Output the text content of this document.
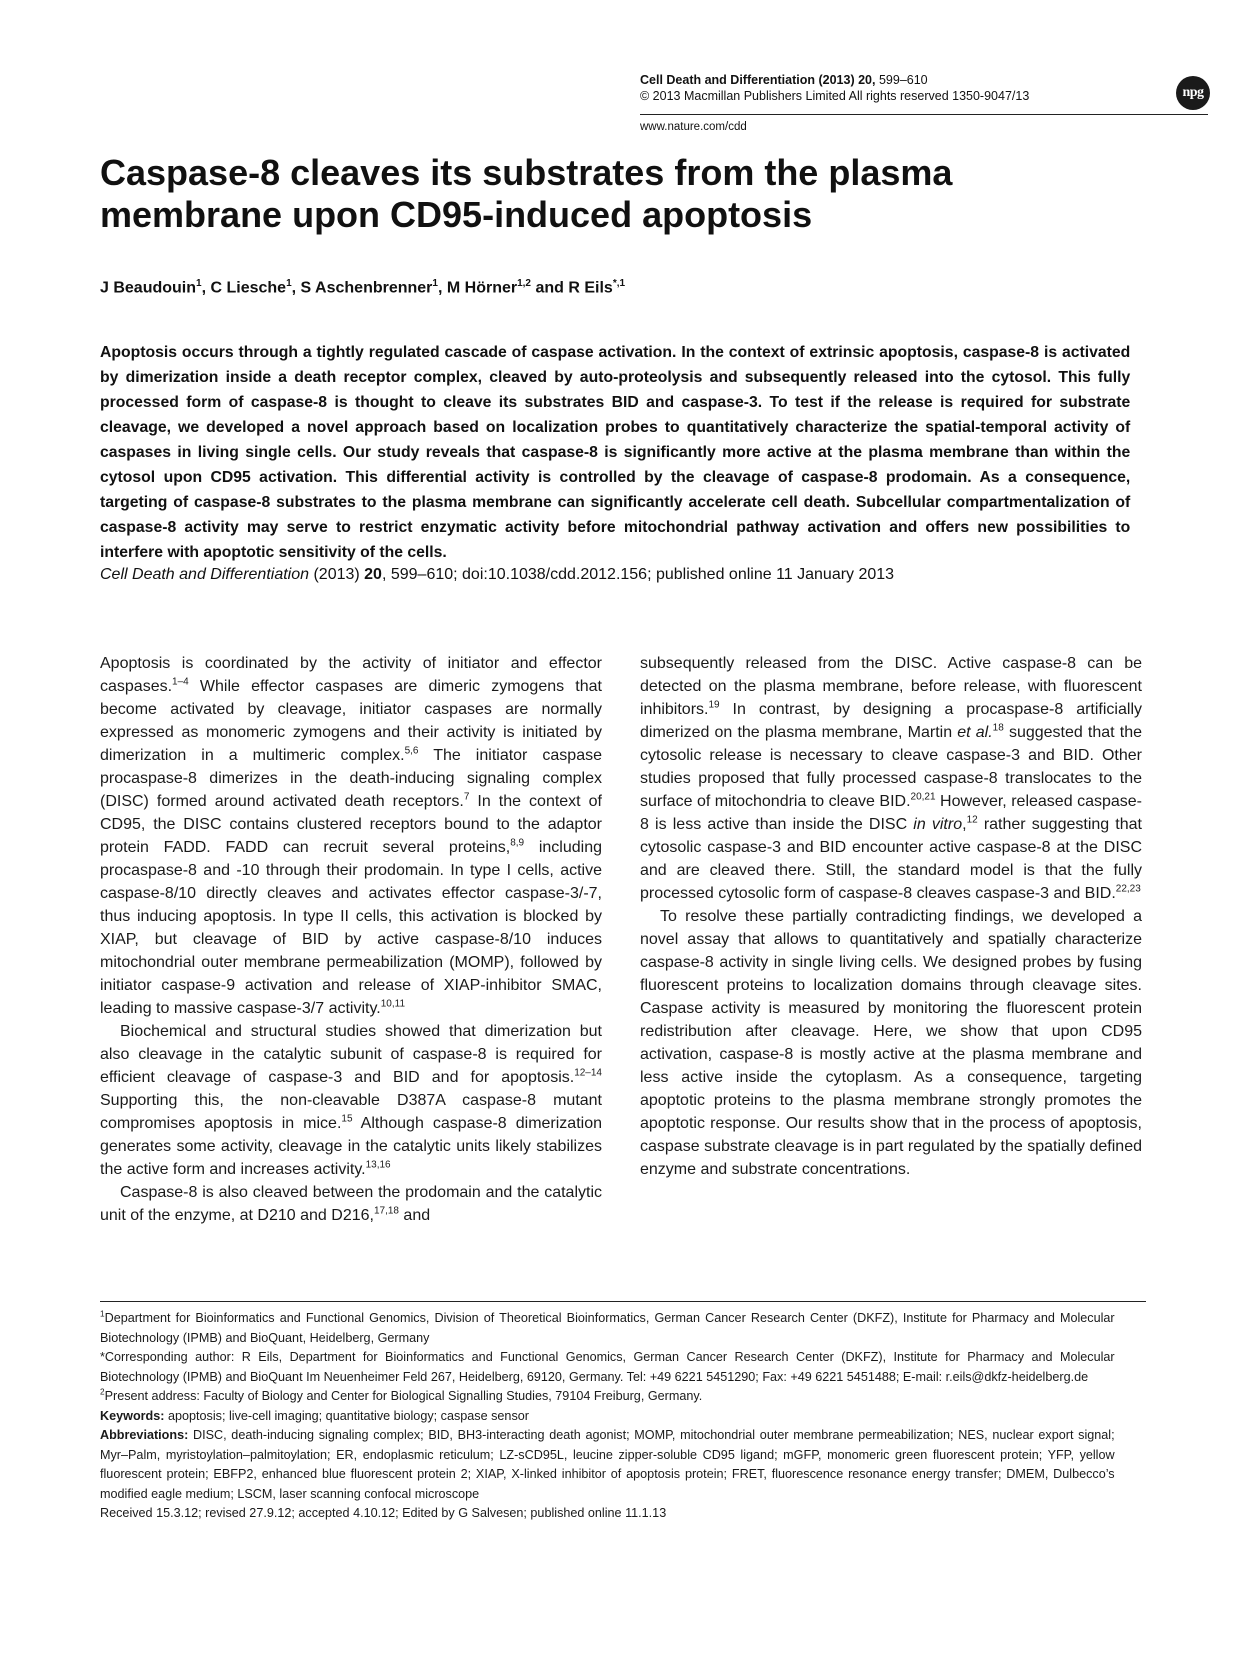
Cell Death and Differentiation (2013) 20, 599–610
© 2013 Macmillan Publishers Limited All rights reserved 1350-9047/13
www.nature.com/cdd
npg
Caspase-8 cleaves its substrates from the plasma membrane upon CD95-induced apoptosis
J Beaudouin$^1$, C Liesche$^1$, S Aschenbrenner$^1$, M Hörner$^{1,2}$ and R Eils$^{*,1}$
Apoptosis occurs through a tightly regulated cascade of caspase activation. In the context of extrinsic apoptosis, caspase-8 is activated by dimerization inside a death receptor complex, cleaved by auto-proteolysis and subsequently released into the cytosol. This fully processed form of caspase-8 is thought to cleave its substrates BID and caspase-3. To test if the release is required for substrate cleavage, we developed a novel approach based on localization probes to quantitatively characterize the spatial-temporal activity of caspases in living single cells. Our study reveals that caspase-8 is significantly more active at the plasma membrane than within the cytosol upon CD95 activation. This differential activity is controlled by the cleavage of caspase-8 prodomain. As a consequence, targeting of caspase-8 substrates to the plasma membrane can significantly accelerate cell death. Subcellular compartmentalization of caspase-8 activity may serve to restrict enzymatic activity before mitochondrial pathway activation and offers new possibilities to interfere with apoptotic sensitivity of the cells.
Cell Death and Differentiation (2013) 20, 599–610; doi:10.1038/cdd.2012.156; published online 11 January 2013

Apoptosis is coordinated by the activity of initiator and effector caspases.$^{1-4}$ While effector caspases are dimeric zymogens that become activated by cleavage, initiator caspases are normally expressed as monomeric zymogens and their activity is initiated by dimerization in a multimeric complex.$^{5,6}$ The initiator caspase procaspase-8 dimerizes in the death-inducing signaling complex (DISC) formed around activated death receptors.$^7$ In the context of CD95, the DISC contains clustered receptors bound to the adaptor protein FADD. FADD can recruit several proteins,$^{8,9}$ including procaspase-8 and -10 through their prodomain. In type I cells, active caspase-8/10 directly cleaves and activates effector caspase-3/-7, thus inducing apoptosis. In type II cells, this activation is blocked by XIAP, but cleavage of BID by active caspase-8/10 induces mitochondrial outer membrane permeabilization (MOMP), followed by initiator caspase-9 activation and release of XIAP-inhibitor SMAC, leading to massive caspase-3/7 activity.$^{10,11}$

Biochemical and structural studies showed that dimerization but also cleavage in the catalytic subunit of caspase-8 is required for efficient cleavage of caspase-3 and BID and for apoptosis.$^{12-14}$ Supporting this, the non-cleavable D387A caspase-8 mutant compromises apoptosis in mice.$^{15}$ Although caspase-8 dimerization generates some activity, cleavage in the catalytic units likely stabilizes the active form and increases activity.$^{13,16}$

Caspase-8 is also cleaved between the prodomain and the catalytic unit of the enzyme, at D210 and D216,$^{17,18}$ and

subsequently released from the DISC. Active caspase-8 can be detected on the plasma membrane, before release, with fluorescent inhibitors.$^{19}$ In contrast, by designing a procaspase-8 artificially dimerized on the plasma membrane, Martin et al.$^{18}$ suggested that the cytosolic release is necessary to cleave caspase-3 and BID. Other studies proposed that fully processed caspase-8 translocates to the surface of mitochondria to cleave BID.$^{20,21}$ However, released caspase-8 is less active than inside the DISC in vitro,$^{12}$ rather suggesting that cytosolic caspase-3 and BID encounter active caspase-8 at the DISC and are cleaved there. Still, the standard model is that the fully processed cytosolic form of caspase-8 cleaves caspase-3 and BID.$^{22,23}$

To resolve these partially contradicting findings, we developed a novel assay that allows to quantitatively and spatially characterize caspase-8 activity in single living cells. We designed probes by fusing fluorescent proteins to localization domains through cleavage sites. Caspase activity is measured by monitoring the fluorescent protein redistribution after cleavage. Here, we show that upon CD95 activation, caspase-8 is mostly active at the plasma membrane and less active inside the cytoplasm. As a consequence, targeting apoptotic proteins to the plasma membrane strongly promotes the apoptotic response. Our results show that in the process of apoptosis, caspase substrate cleavage is in part regulated by the spatially defined enzyme and substrate concentrations.

$^1$Department for Bioinformatics and Functional Genomics, Division of Theoretical Bioinformatics, German Cancer Research Center (DKFZ), Institute for Pharmacy and Molecular Biotechnology (IPMB) and BioQuant, Heidelberg, Germany
*Corresponding author: R Eils, Department for Bioinformatics and Functional Genomics, German Cancer Research Center (DKFZ), Institute for Pharmacy and Molecular Biotechnology (IPMB) and BioQuant Im Neuenheimer Feld 267, Heidelberg, 69120, Germany. Tel: +49 6221 5451290; Fax: +49 6221 5451488; E-mail: r.eils@dkfz-heidelberg.de
$^2$Present address: Faculty of Biology and Center for Biological Signalling Studies, 79104 Freiburg, Germany.
Keywords: apoptosis; live-cell imaging; quantitative biology; caspase sensor
Abbreviations: DISC, death-inducing signaling complex; BID, BH3-interacting death agonist; MOMP, mitochondrial outer membrane permeabilization; NES, nuclear export signal; Myr–Palm, myristoylation–palmitoylation; ER, endoplasmic reticulum; LZ-sCD95L, leucine zipper-soluble CD95 ligand; mGFP, monomeric green fluorescent protein; YFP, yellow fluorescent protein; EBFP2, enhanced blue fluorescent protein 2; XIAP, X-linked inhibitor of apoptosis protein; FRET, fluorescence resonance energy transfer; DMEM, Dulbecco’s modified eagle medium; LSCM, laser scanning confocal microscope
Received 15.3.12; revised 27.9.12; accepted 4.10.12; Edited by G Salvesen; published online 11.1.13
